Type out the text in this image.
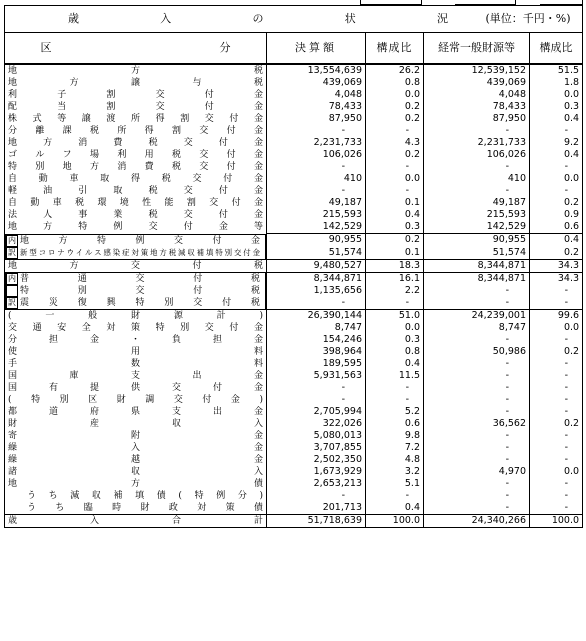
歳入の状況 (単位：千円・%)				
区分	決算額	構成比	経常一般財源等	構成比
地方税	13,554,639	26.2	12,539,152	51.5
地方譲与税	439,069	0.8	439,069	1.8
利子割交付金	4,048	0.0	4,048	0.0
配当割交付金	78,433	0.2	78,433	0.3
株式等譲渡所得割交付金	87,950	0.2	87,950	0.4
分離課税所得割交付金	-	-	-	-
地方消費税交付金	2,231,733	4.3	2,231,733	9.2
ゴルフ場利用税交付金	106,026	0.2	106,026	0.4
特別地方消費税交付金	-	-	-	-
自動車取得税交付金	410	0.0	410	0.0
軽油引取税交付金	-	-	-	-
自動車税環境性能割交付金	49,187	0.1	49,187	0.2
法人事業税交付金	215,593	0.4	215,593	0.9
地方特例交付金等	142,529	0.3	142,529	0.6

内 地方特例交付金	90,955	0.2	90,955	0.4

訳 新型コロナウイルス感染症対策地方税減収補填特別交付金	51,574	0.1	51,574	0.2
地方交付税	9,480,527	18.3	8,344,871	34.3

内 普通交付税	8,344,871	16.1	8,344,871	34.3

特別交付税	1,135,656	2.2	-	-

訳 震災復興特別交付税	-	-	-	-
(一般財源計)	26,390,144	51.0	24,239,001	99.6
交通安全対策特別交付金	8,747	0.0	8,747	0.0
分担金・負担金	154,246	0.3	-	-
使用料	398,964	0.8	50,986	0.2
手数料	189,595	0.4	-	-
国庫支出金	5,931,563	11.5	-	-
国有提供交付金	-	-	-	-
(特別区財調交付金)	-	-	-	-
都道府県支出金	2,705,994	5.2	-	-
財産収入	322,026	0.6	36,562	0.2
寄附金	5,080,013	9.8	-	-
繰入金	3,707,855	7.2	-	-
繰越金	2,502,350	4.8	-	-
諸収入	1,673,929	3.2	4,970	0.0
地方債	2,653,213	5.1	-	-
うち減収補填債(特例分)	-	-	-	-
うち臨時財政対策債	201,713	0.4	-	-
歳入合計	51,718,639	100.0	24,340,266	100.0
